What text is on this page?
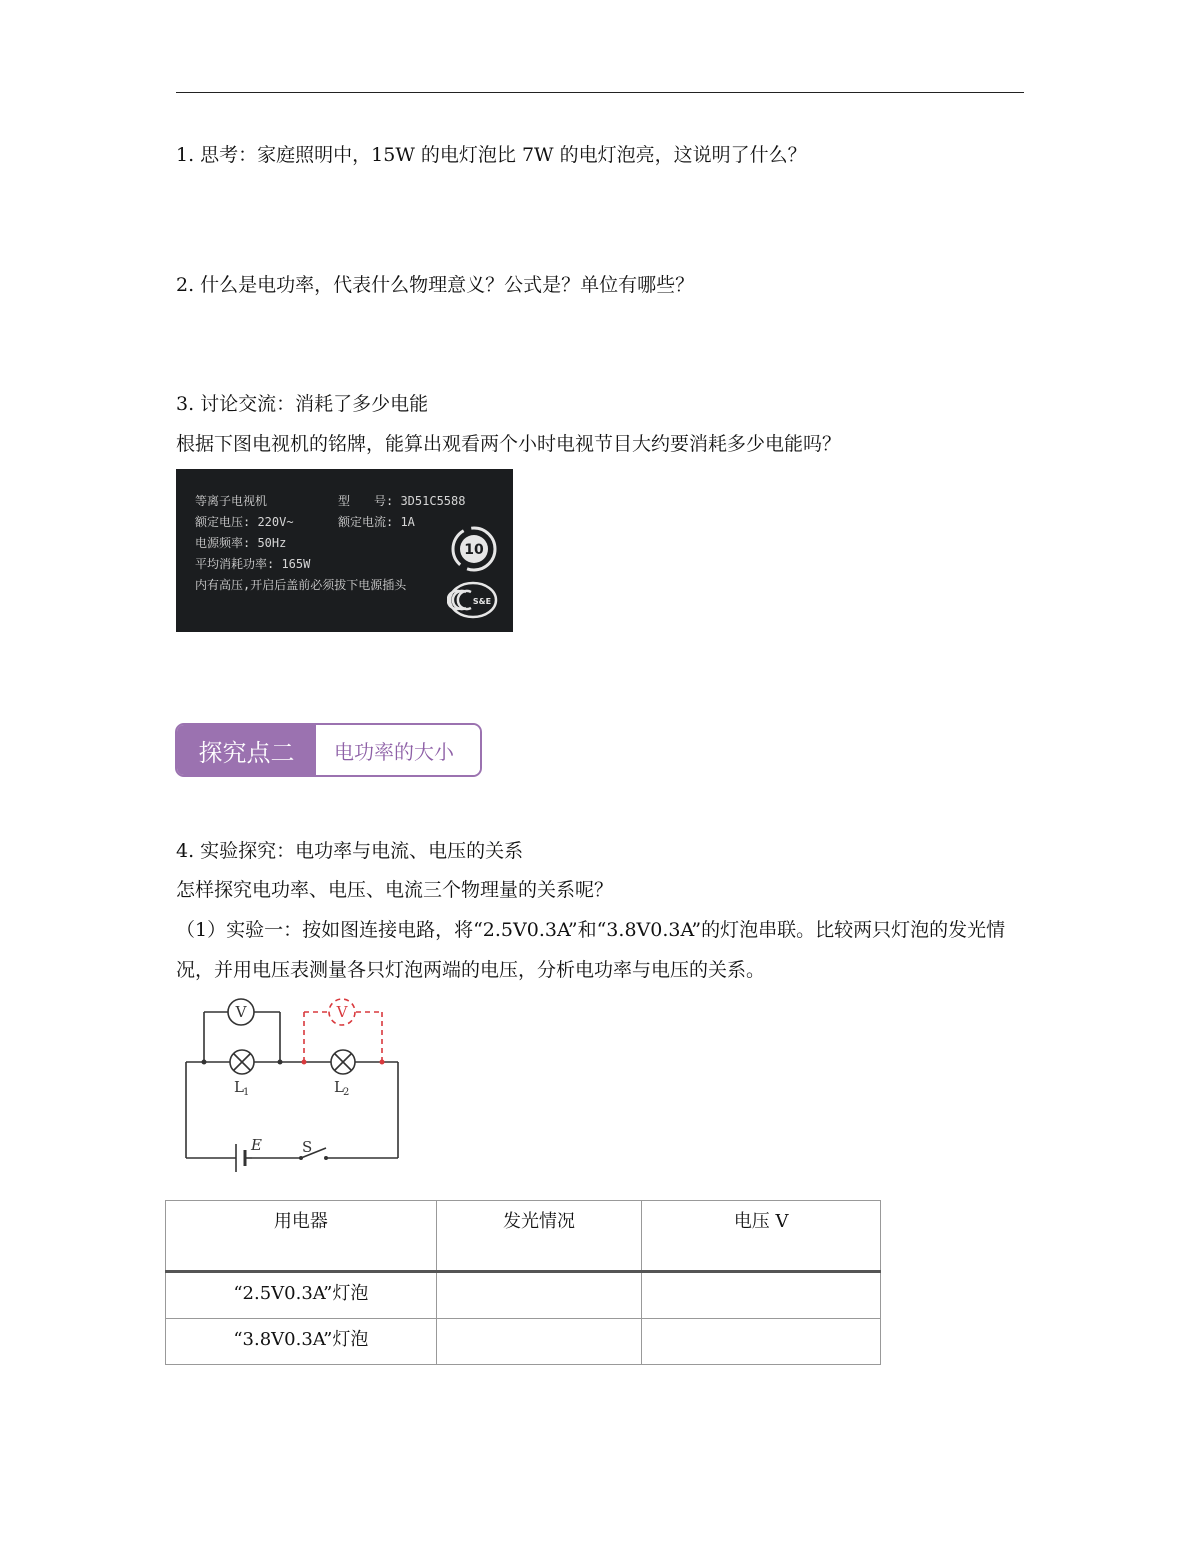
1. 思考：家庭照明中，15W 的电灯泡比 7W 的电灯泡亮，这说明了什么？
2. 什么是电功率，代表什么物理意义？公式是？单位有哪些？
3. 讨论交流：消耗了多少电能
根据下图电视机的铭牌，能算出观看两个小时电视节目大约要消耗多少电能吗？
等离子电视机	型　　号: 3D51C5588
额定电压: 220V~	额定电流: 1A
电源频率: 50Hz
平均消耗功率: 165W
内有高压,开启后盖前必须拔下电源插头
10
S&E
探究点二	电功率的大小
4. 实验探究：电功率与电流、电压的关系
怎样探究电功率、电压、电流三个物理量的关系呢？
（1）实验一：按如图连接电路，将“2.5V0.3A”和“3.8V0.3A”的灯泡串联。比较两只灯泡的发光情况，并用电压表测量各只灯泡两端的电压，分析电功率与电压的关系。
V	V
L 1	L 2
E	S
用电器	发光情况	电压 V
“2.5V0.3A”灯泡		
“3.8V0.3A”灯泡		
